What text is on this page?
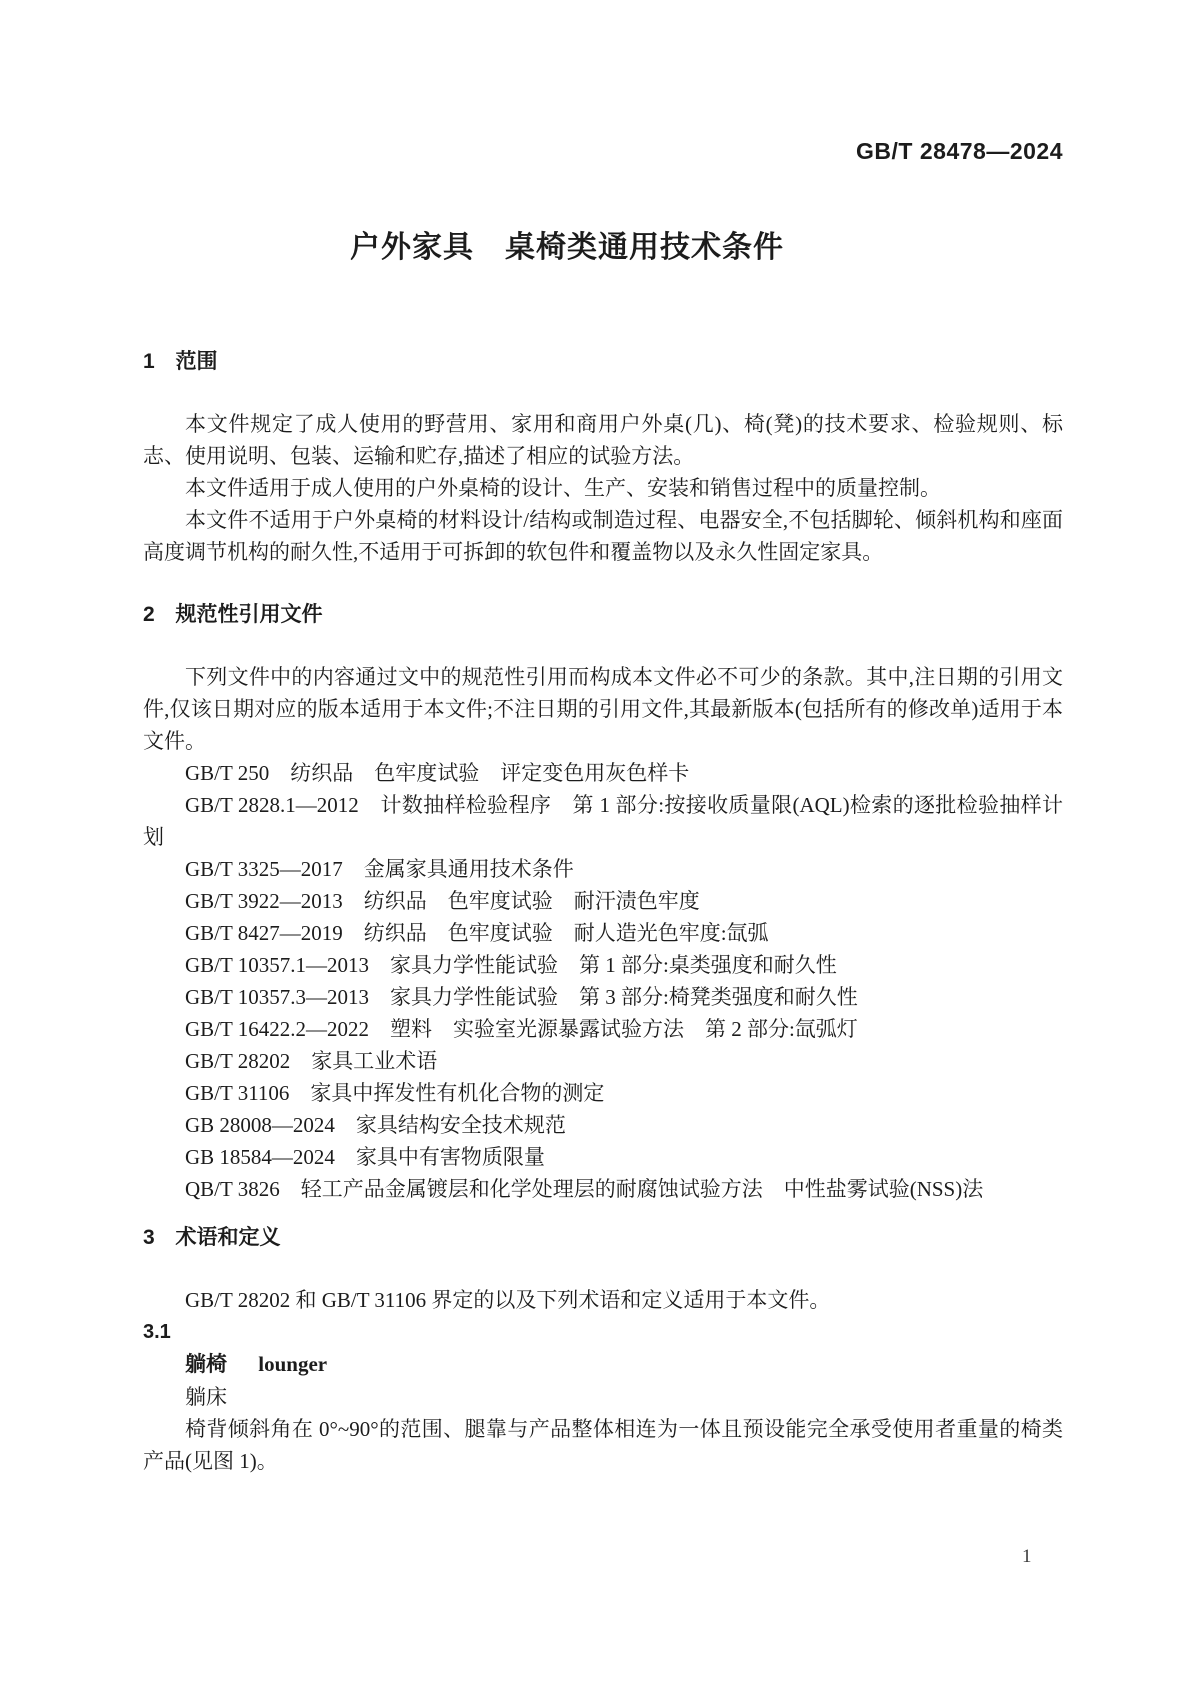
GB/T 28478—2024
户外家具　桌椅类通用技术条件
1 范围

本文件规定了成人使用的野营用、家用和商用户外桌(几)、椅(凳)的技术要求、检验规则、标志、使用说明、包装、运输和贮存,描述了相应的试验方法。

本文件适用于成人使用的户外桌椅的设计、生产、安装和销售过程中的质量控制。

本文件不适用于户外桌椅的材料设计/结构或制造过程、电器安全,不包括脚轮、倾斜机构和座面高度调节机构的耐久性,不适用于可拆卸的软包件和覆盖物以及永久性固定家具。

2 规范性引用文件

下列文件中的内容通过文中的规范性引用而构成本文件必不可少的条款。其中,注日期的引用文件,仅该日期对应的版本适用于本文件;不注日期的引用文件,其最新版本(包括所有的修改单)适用于本文件。

GB/T 250　纺织品　色牢度试验　评定变色用灰色样卡

GB/T 2828.1—2012　计数抽样检验程序　第 1 部分:按接收质量限(AQL)检索的逐批检验抽样计划

GB/T 3325—2017　金属家具通用技术条件

GB/T 3922—2013　纺织品　色牢度试验　耐汗渍色牢度

GB/T 8427—2019　纺织品　色牢度试验　耐人造光色牢度:氙弧

GB/T 10357.1—2013　家具力学性能试验　第 1 部分:桌类强度和耐久性

GB/T 10357.3—2013　家具力学性能试验　第 3 部分:椅凳类强度和耐久性

GB/T 16422.2—2022　塑料　实验室光源暴露试验方法　第 2 部分:氙弧灯

GB/T 28202　家具工业术语

GB/T 31106　家具中挥发性有机化合物的测定

GB 28008—2024　家具结构安全技术规范

GB 18584—2024　家具中有害物质限量

QB/T 3826　轻工产品金属镀层和化学处理层的耐腐蚀试验方法　中性盐雾试验(NSS)法

3 术语和定义

GB/T 28202 和 GB/T 31106 界定的以及下列术语和定义适用于本文件。

3.1
躺椅 lounger

躺床

椅背倾斜角在 0°~90°的范围、腿靠与产品整体相连为一体且预设能完全承受使用者重量的椅类产品(见图 1)。

1
